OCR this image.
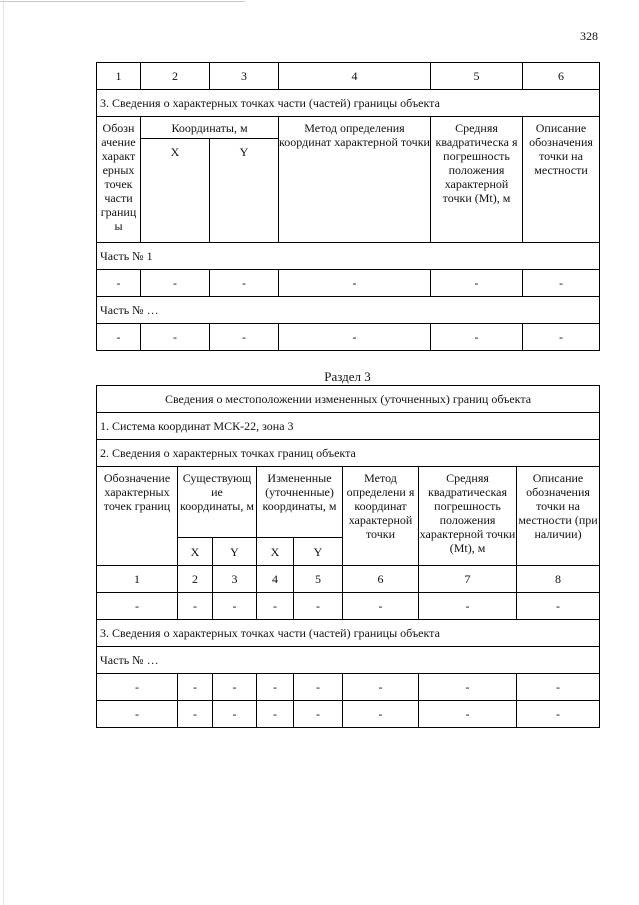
328
1	2	3	4	5	6
3. Сведения о характерных точках части (частей) границы объекта					
Обозн ачение характ ерных точек части границ ы	Координаты, м		Метод определения координат характерной точки	Средняя квадратическа я погрешность положения характерной точки (Mt), м	Описание обозначения точки на местности
	X	Y			
Часть № 1					
-	-	-	-	-	-
Часть № …					
-	-	-	-	-	-
Раздел 3
Сведения о местоположении измененных (уточненных) границ объекта							
1. Система координат МСК-22, зона 3							
2. Сведения о характерных точках границ объекта							
Обозначение характерных точек границ	Существующ ие координаты, м		Измененные (уточненные) координаты, м		Метод определени я координат характерной точки	Средняя квадратическая погрешность положения характерной точки (Mt), м	Описание обозначения точки на местности (при наличии)
	X	Y	X	Y			
1	2	3	4	5	6	7	8
-	-	-	-	-	-	-	-
3. Сведения о характерных точках части (частей) границы объекта							
Часть № …							
-	-	-	-	-	-	-	-
-	-	-	-	-	-	-	-
